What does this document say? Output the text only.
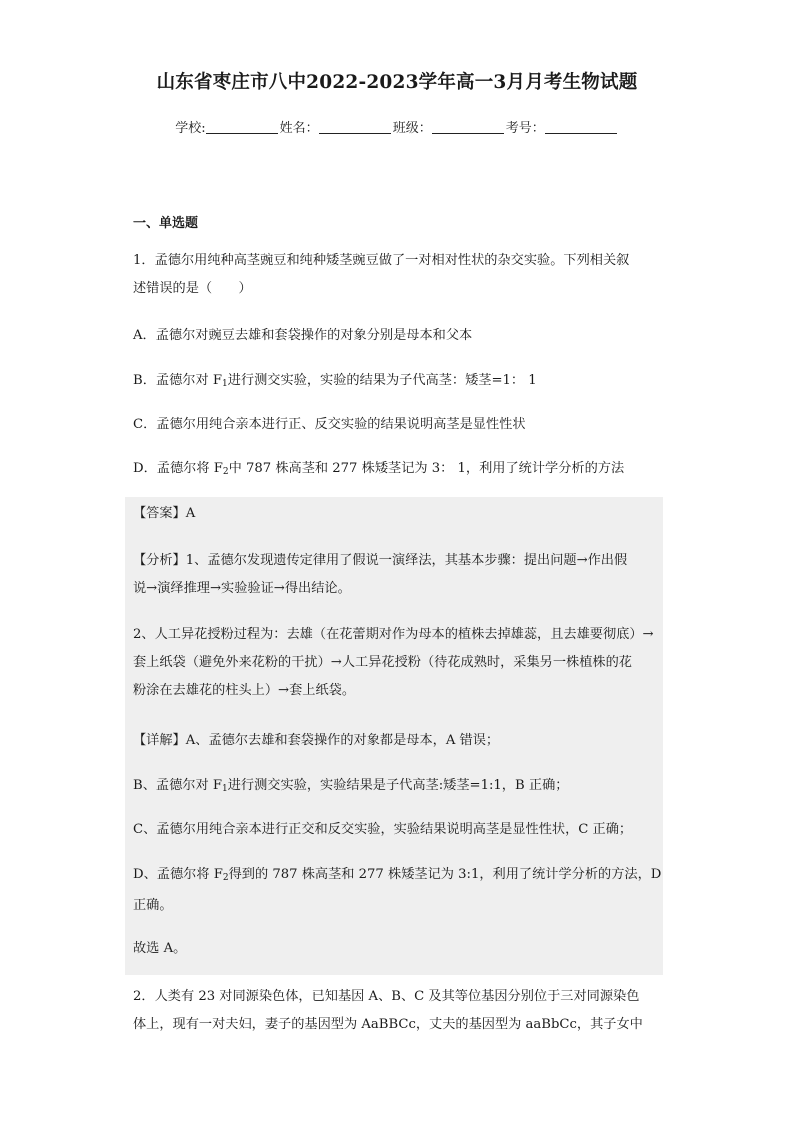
山东省枣庄市八中2022-2023学年高一3月月考生物试题
学校:	姓名：	班级：	考号：
一、单选题
1．孟德尔用纯种高茎豌豆和纯种矮茎豌豆做了一对相对性状的杂交实验。下列相关叙
述错误的是（　　）
A．孟德尔对豌豆去雄和套袋操作的对象分别是母本和父本
B．孟德尔对 $F_1$进行测交实验，实验的结果为子代高茎：矮茎=1： 1
C．孟德尔用纯合亲本进行正、反交实验的结果说明高茎是显性性状
D．孟德尔将 $F_2$中 787 株高茎和 277 株矮茎记为 3： 1，利用了统计学分析的方法
【答案】A
【分析】1、孟德尔发现遗传定律用了假说一演绎法，其基本步骤：提出问题→作出假
说→演绎推理→实验验证→得出结论。
2、人工异花授粉过程为：去雄（在花蕾期对作为母本的植株去掉雄蕊，且去雄要彻底）→
套上纸袋（避免外来花粉的干扰）→人工异花授粉（待花成熟时，采集另一株植株的花
粉涂在去雄花的柱头上）→套上纸袋。
【详解】A、孟德尔去雄和套袋操作的对象都是母本，A 错误；
B、孟德尔对 $F_1$进行测交实验，实验结果是子代高茎:矮茎=1:1，B 正确；
C、孟德尔用纯合亲本进行正交和反交实验，实验结果说明高茎是显性性状，C 正确；
D、孟德尔将 $F_2$得到的 787 株高茎和 277 株矮茎记为 3:1，利用了统计学分析的方法，D
正确。
故选 A。
2．人类有 23 对同源染色体，已知基因 A、B、C 及其等位基因分别位于三对同源染色
体上，现有一对夫妇，妻子的基因型为 AaBBCc，丈夫的基因型为 aaBbCc，其子女中
